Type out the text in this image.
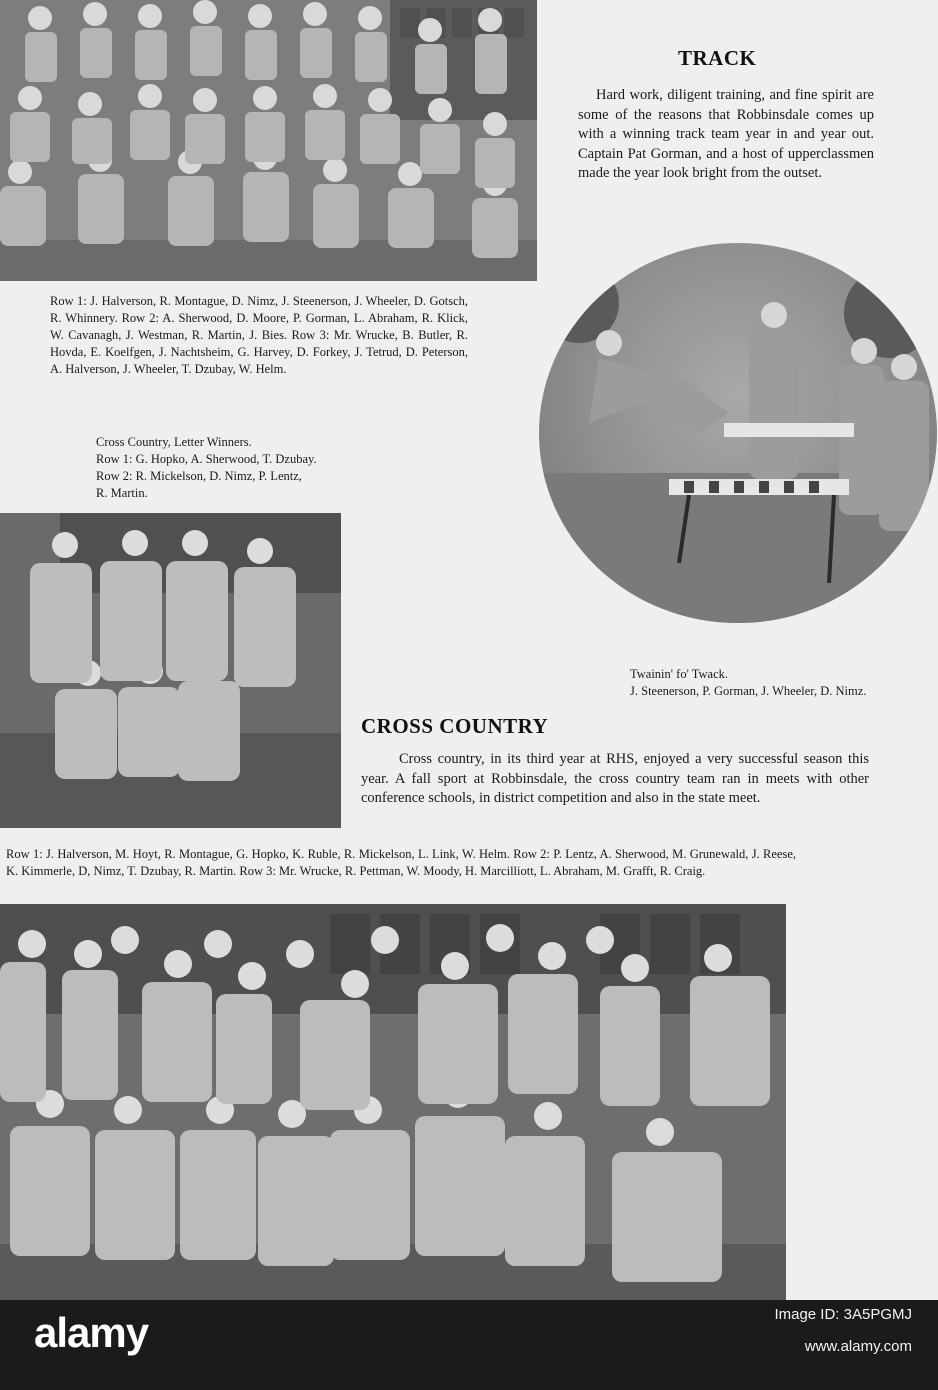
TRACK

Hard work, diligent training, and fine spirit are some of the reasons that Robbinsdale comes up with a winning track team year in and year out. Captain Pat Gorman, and a host of upperclassmen made the year look bright from the outset.

Row 1: J. Halverson, R. Montague, D. Nimz, J. Steenerson, J. Wheeler, D. Gotsch, R. Whinnery. Row 2: A. Sherwood, D. Moore, P. Gorman, L. Abraham, R. Klick, W. Cavanagh, J. Westman, R. Martin, J. Bies. Row 3: Mr. Wrucke, B. Butler, R. Hovda, E. Koelfgen, J. Nachtsheim, G. Harvey, D. Forkey, J. Tetrud, D. Peterson, A. Halverson, J. Wheeler, T. Dzubay, W. Helm.

Cross Country, Letter Winners.
Row 1: G. Hopko, A. Sherwood, T. Dzubay.
Row 2: R. Mickelson, D. Nimz, P. Lentz,
R. Martin.
Twainin' fo' Twack.
J. Steenerson, P. Gorman, J. Wheeler, D. Nimz.
CROSS COUNTRY

Cross country, in its third year at RHS, enjoyed a very successful season this year. A fall sport at Robbinsdale, the cross country team ran in meets with other conference schools, in district competition and also in the state meet.

Row 1: J. Halverson, M. Hoyt, R. Montague, G. Hopko, K. Ruble, R. Mickelson, L. Link, W. Helm. Row 2: P. Lentz, A. Sherwood, M. Grunewald, J. Reese, K. Kimmerle, D, Nimz, T. Dzubay, R. Martin. Row 3: Mr. Wrucke, R. Pettman, W. Moody, H. Marcilliott, L. Abraham, M. Grafft, R. Craig.

alamy	Image ID: 3A5PGMJ
www.alamy.com
